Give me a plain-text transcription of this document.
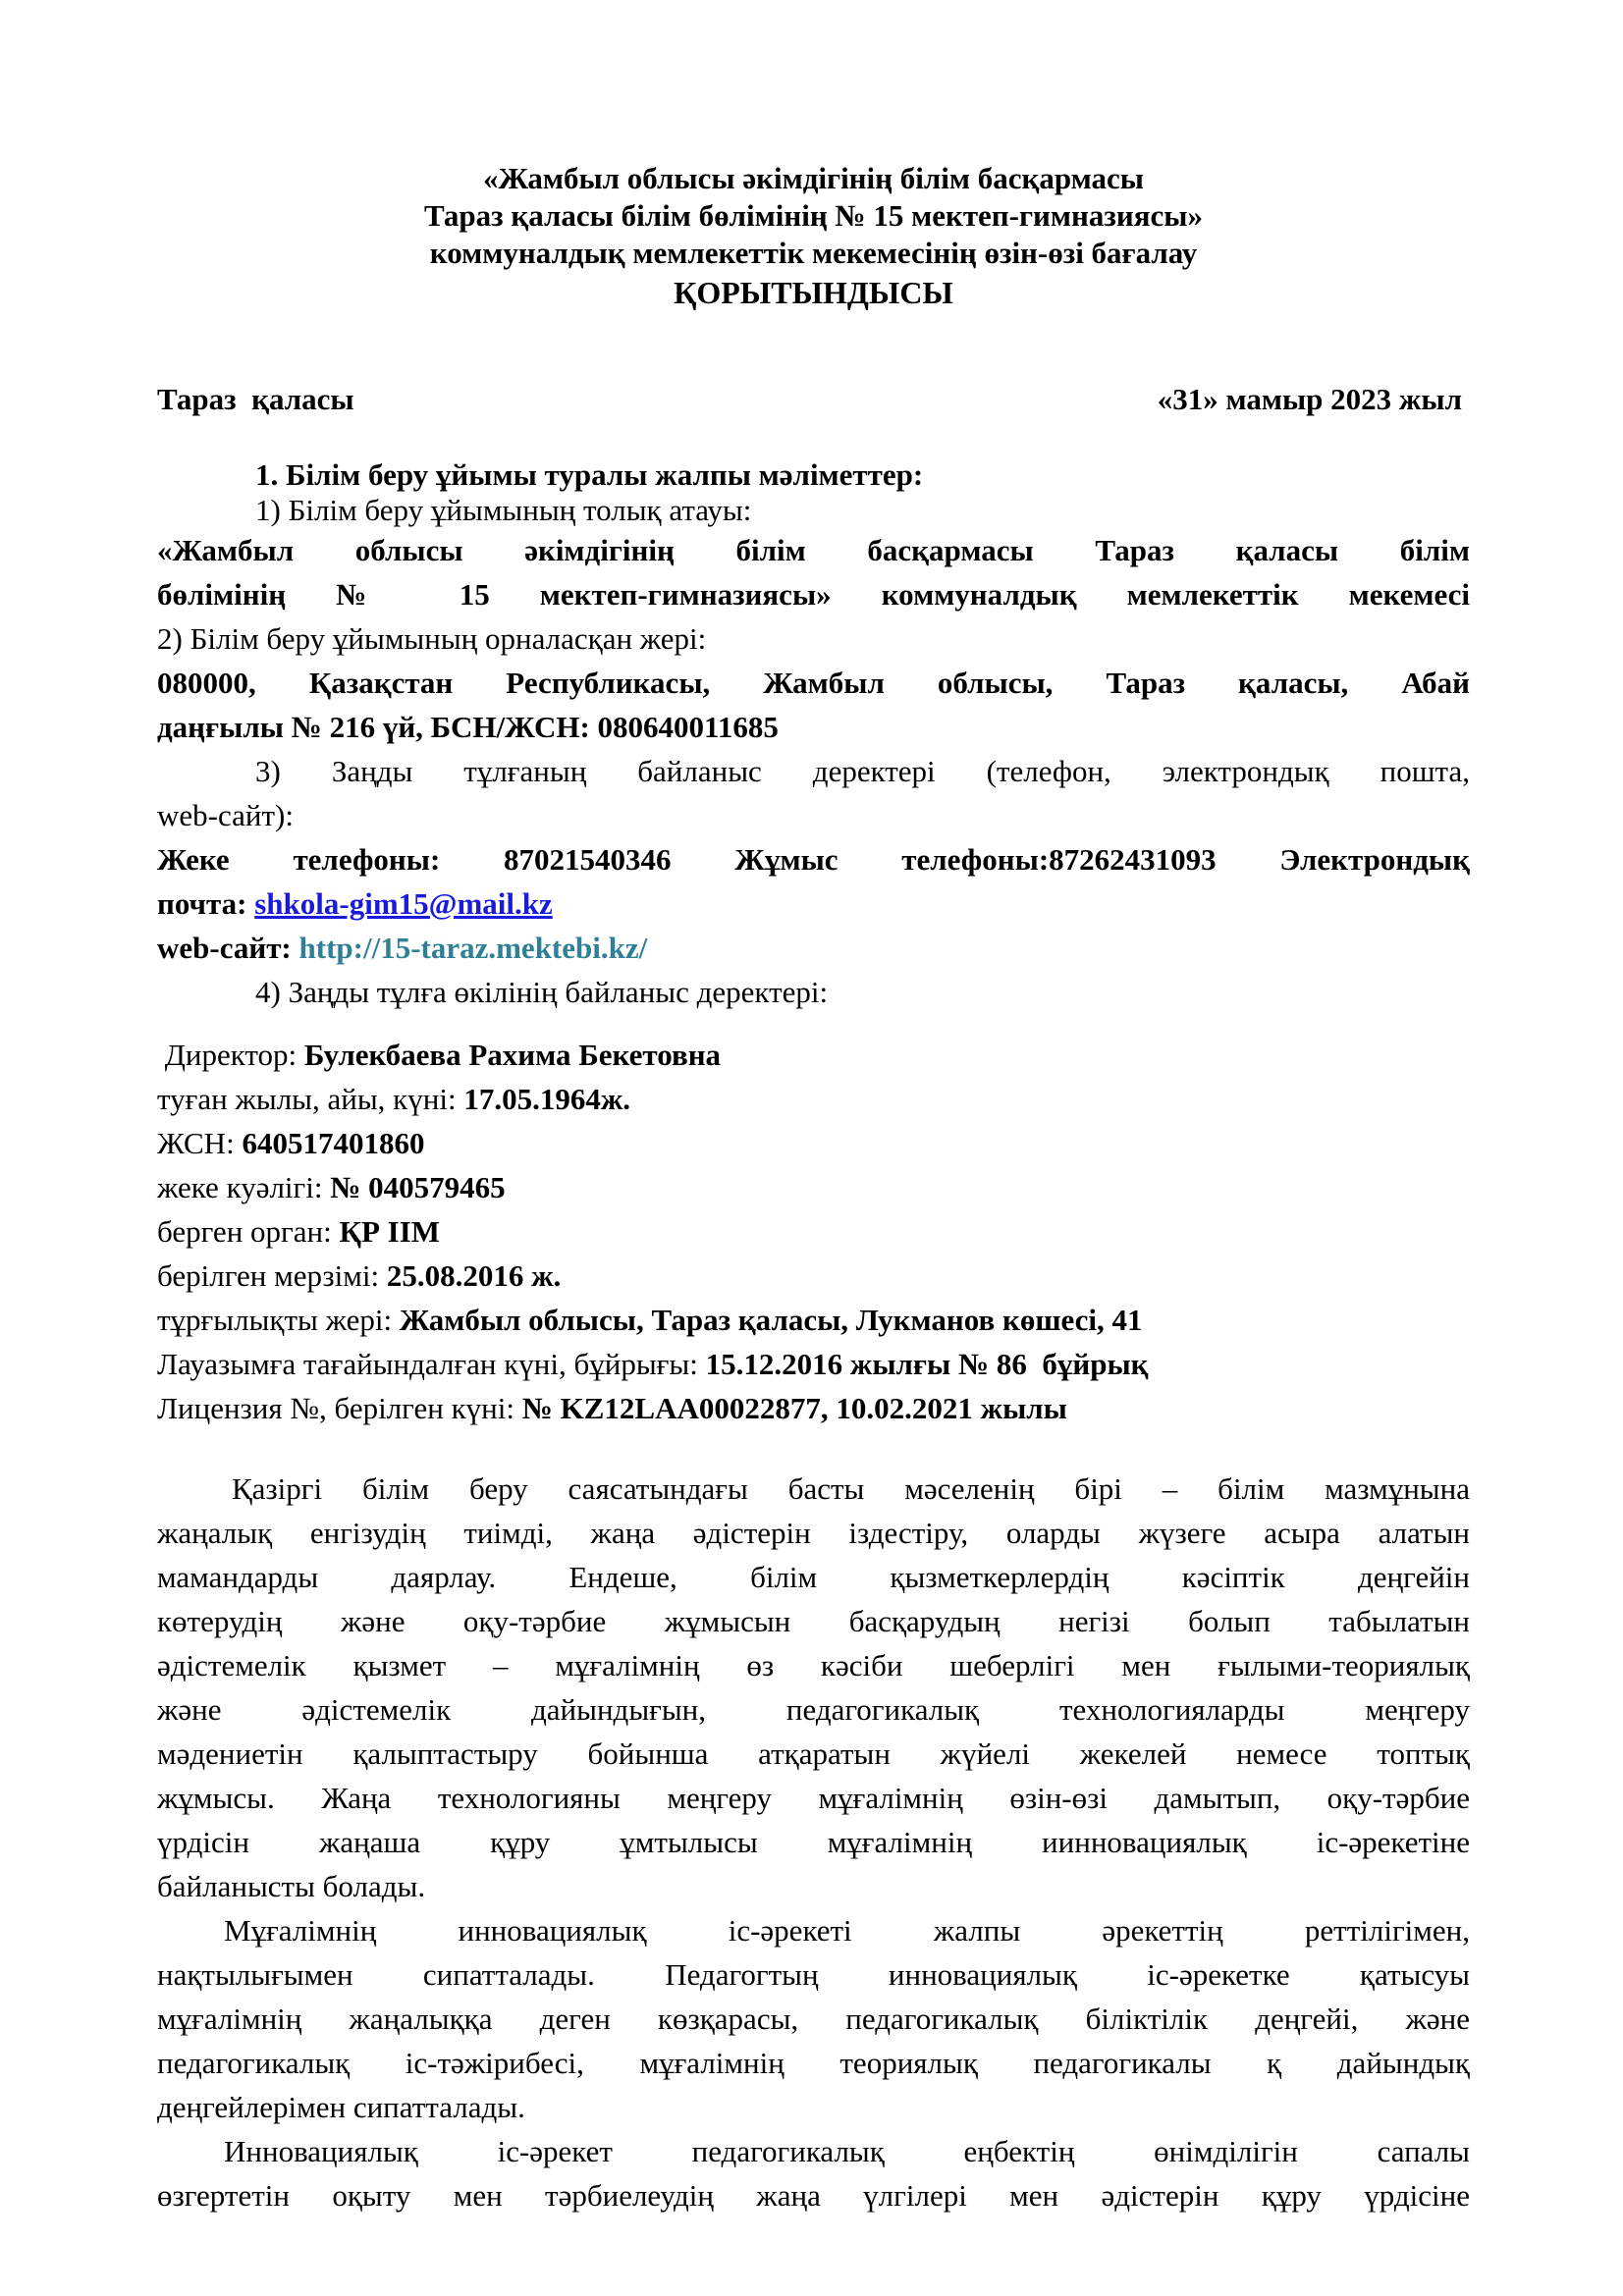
«Жамбыл облысы әкімдігінің білім басқармасы
Тараз қаласы білім бөлімінің № 15 мектеп-гимназиясы»
коммуналдық мемлекеттік мекемесінің өзін-өзі бағалау
ҚОРЫТЫНДЫСЫ
Тараз  қаласы	«31» мамыр 2023 жыл
1. Білім беру ұйымы туралы жалпы мәліметтер:
1) Білім беру ұйымының толық атауы:
«Жамбыл облысы әкімдігінің білім басқармасы Тараз қаласы білім
бөлімінің № 15 мектеп-гимназиясы» коммуналдық мемлекеттік мекемесі
2) Білім беру ұйымының орналасқан жері:
080000, Қазақстан Республикасы, Жамбыл облысы, Тараз қаласы, Абай
даңғылы № 216 үй, БСН/ЖСН: 080640011685
3) Заңды тұлғаның байланыс деректері (телефон, электрондық пошта,
web-сайт):
Жеке телефоны: 87021540346 Жұмыс телефоны:87262431093 Электрондық
почта: shkola-gim15@mail.kz
web-сайт: http://15-taraz.mektebi.kz/
4) Заңды тұлға өкілінің байланыс деректері:
Директор: Булекбаева Рахима Бекетовна
туған жылы, айы, күні: 17.05.1964ж.
ЖСН: 640517401860
жеке куәлігі: № 040579465
берген орган: ҚР ІІМ
берілген мерзімі: 25.08.2016 ж.
тұрғылықты жері: Жамбыл облысы, Тараз қаласы, Лукманов көшесі, 41
Лауазымға тағайындалған күні, бұйрығы: 15.12.2016 жылғы № 86  бұйрық
Лицензия №, берілген күні: № KZ12LAA00022877, 10.02.2021 жылы
Қазіргі білім беру саясатындағы басты мәселенің бірі – білім мазмұнына
жаңалық енгізудің тиімді, жаңа әдістерін іздестіру, оларды жүзеге асыра алатын
мамандарды даярлау. Ендеше, білім қызметкерлердің кәсіптік деңгейін
көтерудің және оқу-тәрбие жұмысын басқарудың негізі болып табылатын
әдістемелік қызмет – мұғалімнің өз кәсіби шеберлігі мен ғылыми-теориялық
және әдістемелік дайындығын, педагогикалық технологияларды меңгеру
мәдениетін қалыптастыру бойынша атқаратын жүйелі жекелей немесе топтық
жұмысы. Жаңа технологияны меңгеру мұғалімнің өзін-өзі дамытып, оқу-тәрбие
үрдісін жаңаша құру ұмтылысы мұғалімнің иинновациялық іс-әрекетіне
байланысты болады.
Мұғалімнің инновациялық іс-әрекеті жалпы әрекеттің реттілігімен,
нақтылығымен сипатталады. Педагогтың инновациялық іс-әрекетке қатысуы
мұғалімнің жаңалыққа деген көзқарасы, педагогикалық біліктілік деңгейі, және
педагогикалық іс-тәжірибесі, мұғалімнің теориялық педагогикалы қ дайындық
деңгейлерімен сипатталады.
Инновациялық іс-әрекет педагогикалық еңбектің өнімділігін сапалы
өзгертетін оқыту мен тәрбиелеудің жаңа үлгілері мен әдістерін құру үрдісіне
